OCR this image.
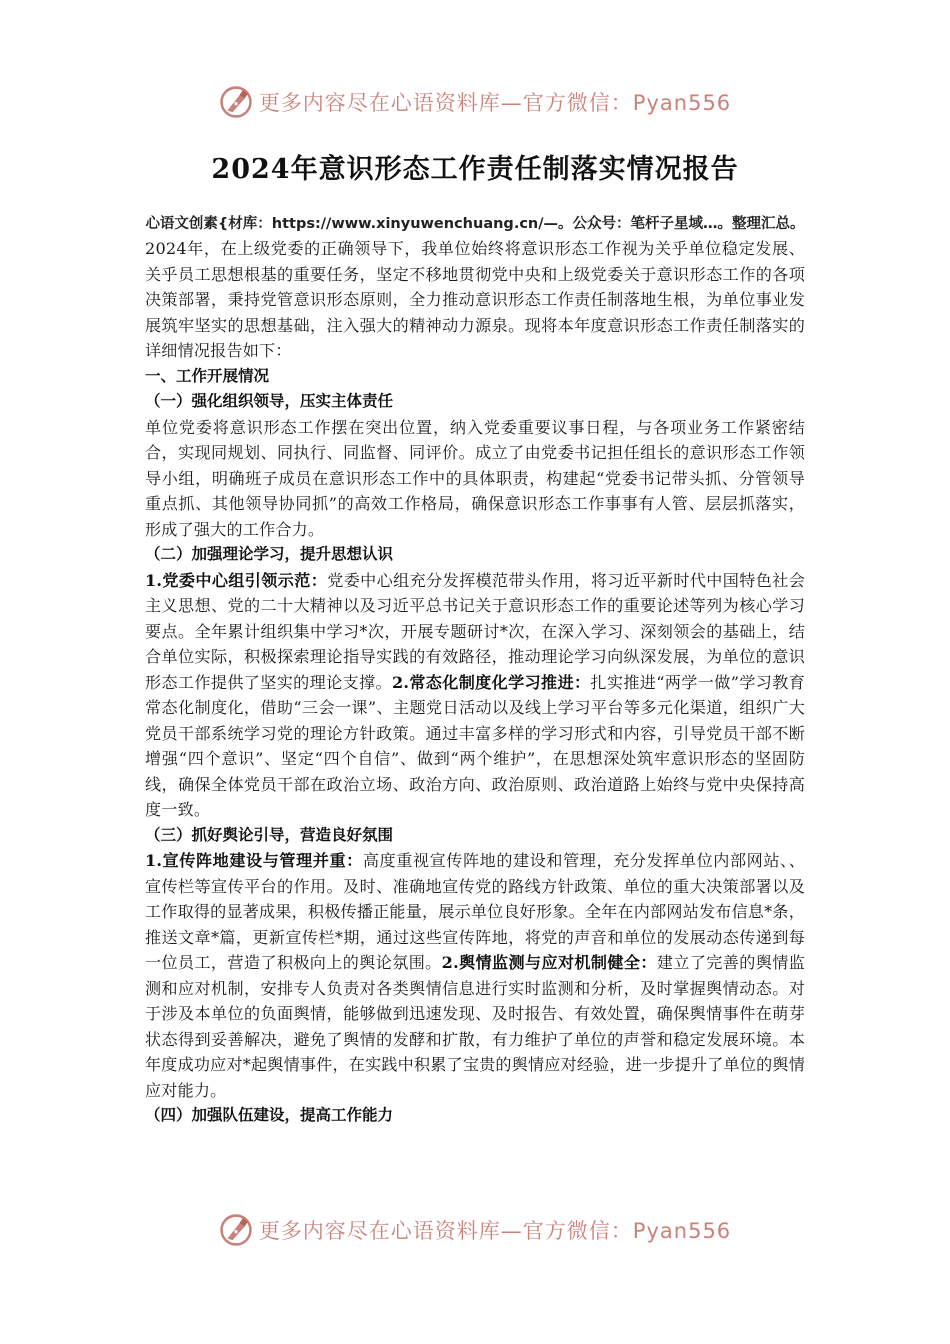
更多内容尽在心语资料库—官方微信：Pyan556
2024年意识形态工作责任制落实情况报告
心语文创素{材库：https://www.xinyuwenchuang.cn/—。公众号：笔杆子星域…。整理汇总。

2024年，在上级党委的正确领导下，我单位始终将意识形态工作视为关乎单位稳定发展、关乎员工思想根基的重要任务，坚定不移地贯彻党中央和上级党委关于意识形态工作的各项决策部署，秉持党管意识形态原则，全力推动意识形态工作责任制落地生根，为单位事业发展筑牢坚实的思想基础，注入强大的精神动力源泉。现将本年度意识形态工作责任制落实的详细情况报告如下：

一、工作开展情况
（一）强化组织领导，压实主体责任

单位党委将意识形态工作摆在突出位置，纳入党委重要议事日程，与各项业务工作紧密结合，实现同规划、同执行、同监督、同评价。成立了由党委书记担任组长的意识形态工作领导小组，明确班子成员在意识形态工作中的具体职责，构建起“党委书记带头抓、分管领导重点抓、其他领导协同抓”的高效工作格局，确保意识形态工作事事有人管、层层抓落实，形成了强大的工作合力。

（二）加强理论学习，提升思想认识

1.党委中心组引领示范：党委中心组充分发挥模范带头作用，将习近平新时代中国特色社会主义思想、党的二十大精神以及习近平总书记关于意识形态工作的重要论述等列为核心学习要点。全年累计组织集中学习*次，开展专题研讨*次，在深入学习、深刻领会的基础上，结合单位实际，积极探索理论指导实践的有效路径，推动理论学习向纵深发展，为单位的意识形态工作提供了坚实的理论支撑。2.常态化制度化学习推进：扎实推进“两学一做”学习教育常态化制度化，借助“三会一课”、主题党日活动以及线上学习平台等多元化渠道，组织广大党员干部系统学习党的理论方针政策。通过丰富多样的学习形式和内容，引导党员干部不断增强“四个意识”、坚定“四个自信”、做到“两个维护”，在思想深处筑牢意识形态的坚固防线，确保全体党员干部在政治立场、政治方向、政治原则、政治道路上始终与党中央保持高度一致。

（三）抓好舆论引导，营造良好氛围

1.宣传阵地建设与管理并重：高度重视宣传阵地的建设和管理，充分发挥单位内部网站、、宣传栏等宣传平台的作用。及时、准确地宣传党的路线方针政策、单位的重大决策部署以及工作取得的显著成果，积极传播正能量，展示单位良好形象。全年在内部网站发布信息*条，推送文章*篇，更新宣传栏*期，通过这些宣传阵地，将党的声音和单位的发展动态传递到每一位员工，营造了积极向上的舆论氛围。2.舆情监测与应对机制健全：建立了完善的舆情监测和应对机制，安排专人负责对各类舆情信息进行实时监测和分析，及时掌握舆情动态。对于涉及本单位的负面舆情，能够做到迅速发现、及时报告、有效处置，确保舆情事件在萌芽状态得到妥善解决，避免了舆情的发酵和扩散，有力维护了单位的声誉和稳定发展环境。本年度成功应对*起舆情事件，在实践中积累了宝贵的舆情应对经验，进一步提升了单位的舆情应对能力。

（四）加强队伍建设，提高工作能力
更多内容尽在心语资料库—官方微信：Pyan556
